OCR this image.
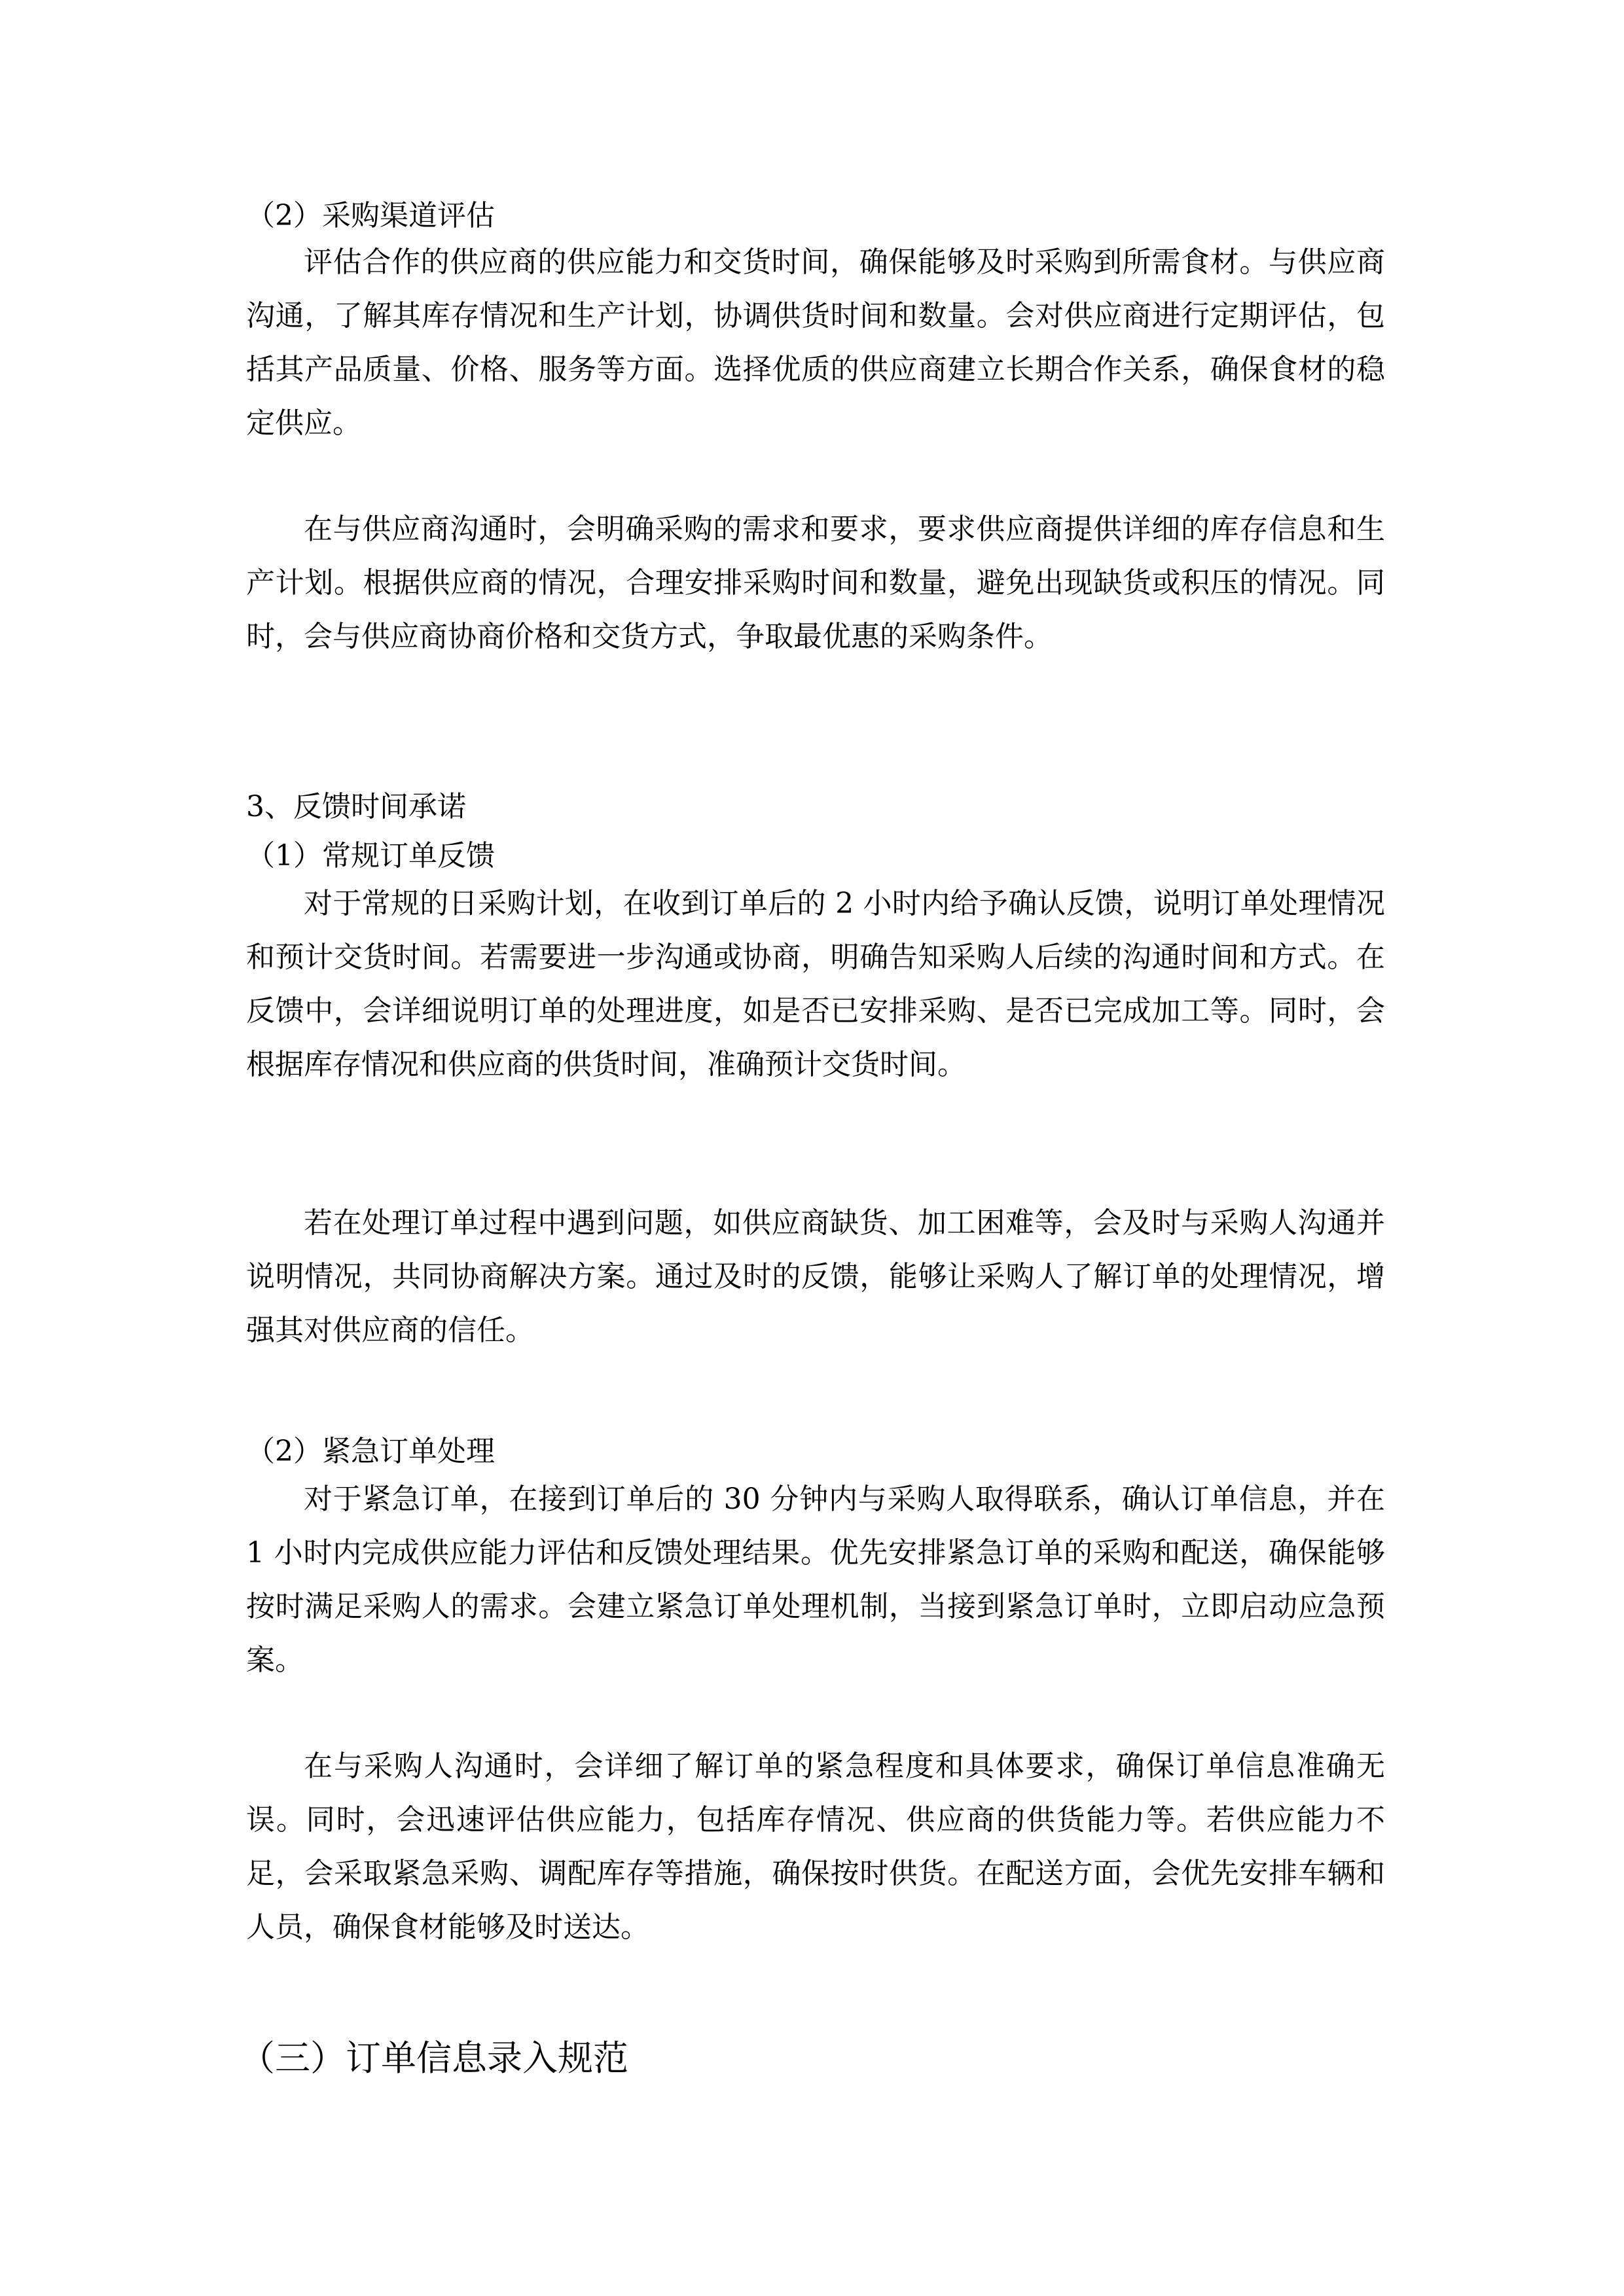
（2）采购渠道评估

评估合作的供应商的供应能力和交货时间，确保能够及时采购到所需食材。与供应商沟通，了解其库存情况和生产计划，协调供货时间和数量。会对供应商进行定期评估，包括其产品质量、价格、服务等方面。选择优质的供应商建立长期合作关系，确保食材的稳定供应。

在与供应商沟通时，会明确采购的需求和要求，要求供应商提供详细的库存信息和生产计划。根据供应商的情况，合理安排采购时间和数量，避免出现缺货或积压的情况。同时，会与供应商协商价格和交货方式，争取最优惠的采购条件。

3、反馈时间承诺

（1）常规订单反馈

对于常规的日采购计划，在收到订单后的 2 小时内给予确认反馈，说明订单处理情况和预计交货时间。若需要进一步沟通或协商，明确告知采购人后续的沟通时间和方式。在反馈中，会详细说明订单的处理进度，如是否已安排采购、是否已完成加工等。同时，会根据库存情况和供应商的供货时间，准确预计交货时间。

若在处理订单过程中遇到问题，如供应商缺货、加工困难等，会及时与采购人沟通并说明情况，共同协商解决方案。通过及时的反馈，能够让采购人了解订单的处理情况，增强其对供应商的信任。

（2）紧急订单处理

对于紧急订单，在接到订单后的 30 分钟内与采购人取得联系，确认订单信息，并在 1 小时内完成供应能力评估和反馈处理结果。优先安排紧急订单的采购和配送，确保能够按时满足采购人的需求。会建立紧急订单处理机制，当接到紧急订单时，立即启动应急预案。

在与采购人沟通时，会详细了解订单的紧急程度和具体要求，确保订单信息准确无误。同时，会迅速评估供应能力，包括库存情况、供应商的供货能力等。若供应能力不足，会采取紧急采购、调配库存等措施，确保按时供货。在配送方面，会优先安排车辆和人员，确保食材能够及时送达。

（三）订单信息录入规范
